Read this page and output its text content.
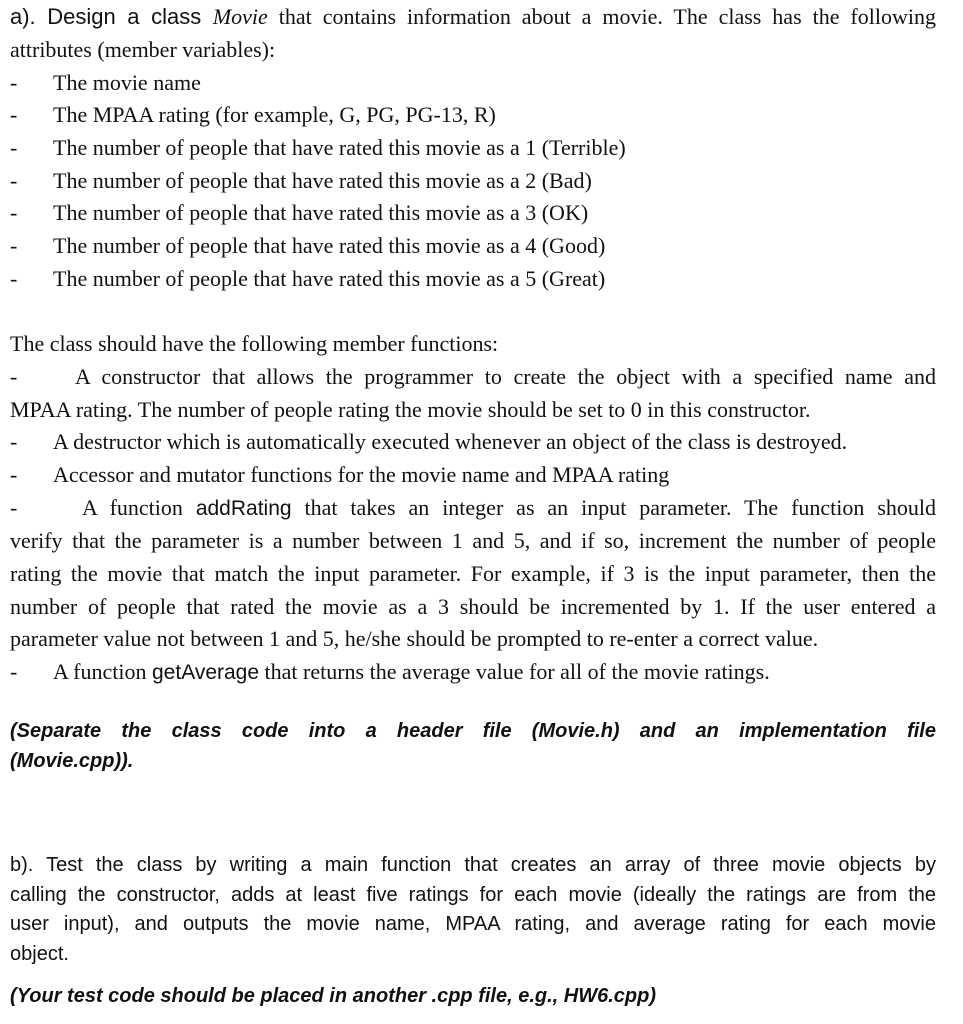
a). Design a class Movie that contains information about a movie. The class has the following
attributes (member variables):
- The movie name
- The MPAA rating (for example, G, PG, PG-13, R)
- The number of people that have rated this movie as a 1 (Terrible)
- The number of people that have rated this movie as a 2 (Bad)
- The number of people that have rated this movie as a 3 (OK)
- The number of people that have rated this movie as a 4 (Good)
- The number of people that have rated this movie as a 5 (Great)
The class should have the following member functions:
-	A constructor that allows the programmer to create the object with a specified name and
MPAA rating. The number of people rating the movie should be set to 0 in this constructor.
- A destructor which is automatically executed whenever an object of the class is destroyed.
- Accessor and mutator functions for the movie name and MPAA rating
-	A function addRating that takes an integer as an input parameter. The function should
verify that the parameter is a number between 1 and 5, and if so, increment the number of people
rating the movie that match the input parameter. For example, if 3 is the input parameter, then the
number of people that rated the movie as a 3 should be incremented by 1. If the user entered a
parameter value not between 1 and 5, he/she should be prompted to re-enter a correct value.
- A function getAverage that returns the average value for all of the movie ratings.
(Separate the class code into a header file (Movie.h) and an implementation file
(Movie.cpp)).
b). Test the class by writing a main function that creates an array of three movie objects by
calling the constructor, adds at least five ratings for each movie (ideally the ratings are from the
user input), and outputs the movie name, MPAA rating, and average rating for each movie
object.
(Your test code should be placed in another .cpp file, e.g., HW6.cpp)
